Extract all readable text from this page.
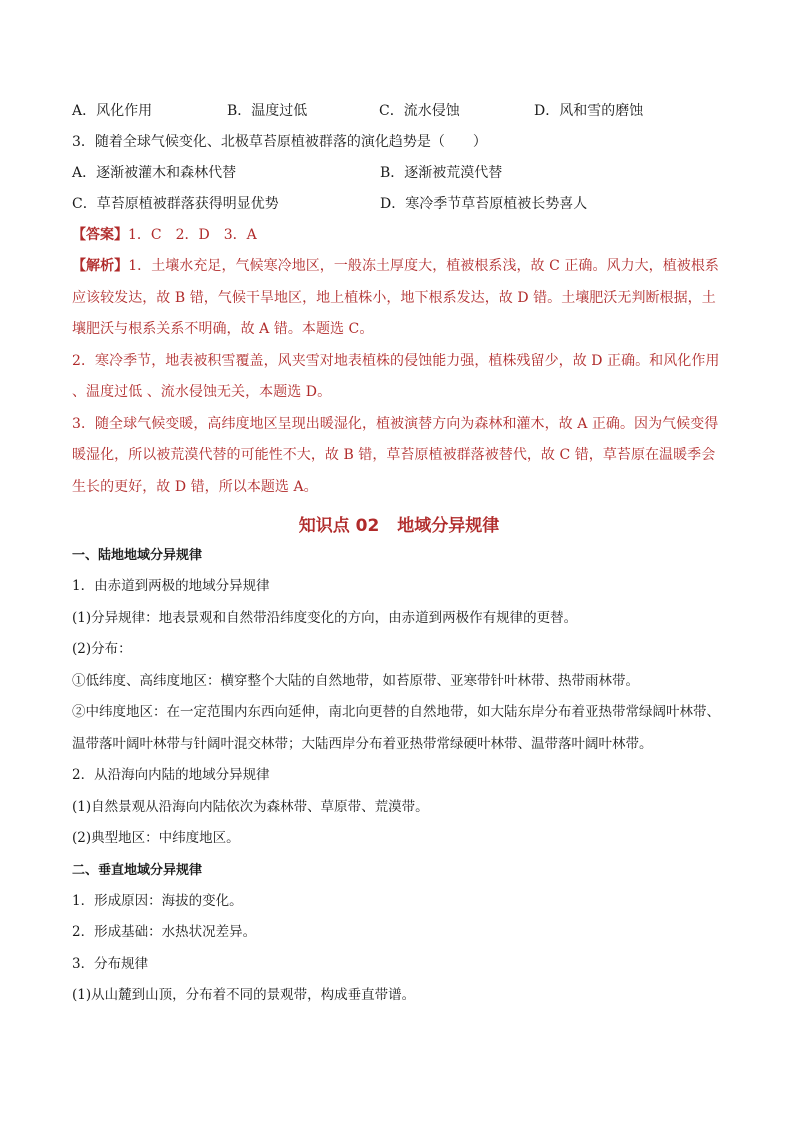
A．风化作用	B．温度过低	C．流水侵蚀	D．风和雪的磨蚀
3．随着全球气候变化、北极草苔原植被群落的演化趋势是（　　）
A．逐渐被灌木和森林代替	B．逐渐被荒漠代替
C．草苔原植被群落获得明显优势	D．寒冷季节草苔原植被长势喜人
【答案】1．C　2．D　3．A
【解析】1．土壤水充足，气候寒冷地区，一般冻土厚度大，植被根系浅，故 C 正确。风力大，植被根系应该较发达，故 B 错，气候干旱地区，地上植株小，地下根系发达，故 D 错。土壤肥沃无判断根据，土壤肥沃与根系关系不明确，故 A 错。本题选 C。
2．寒冷季节，地表被积雪覆盖，风夹雪对地表植株的侵蚀能力强，植株残留少，故 D 正确。和风化作用 、温度过低 、流水侵蚀无关，本题选 D。
3．随全球气候变暖，高纬度地区呈现出暖湿化，植被演替方向为森林和灌木，故 A 正确。因为气候变得暖湿化，所以被荒漠代替的可能性不大，故 B 错，草苔原植被群落被替代，故 C 错，草苔原在温暖季会生长的更好，故 D 错，所以本题选 A。
知识点 02 地域分异规律
一、陆地地域分异规律
1．由赤道到两极的地域分异规律
(1)分异规律：地表景观和自然带沿纬度变化的方向，由赤道到两极作有规律的更替。
(2)分布：
①低纬度、高纬度地区：横穿整个大陆的自然地带，如苔原带、亚寒带针叶林带、热带雨林带。
②中纬度地区：在一定范围内东西向延伸，南北向更替的自然地带，如大陆东岸分布着亚热带常绿阔叶林带、温带落叶阔叶林带与针阔叶混交林带；大陆西岸分布着亚热带常绿硬叶林带、温带落叶阔叶林带。
2．从沿海向内陆的地域分异规律
(1)自然景观从沿海向内陆依次为森林带、草原带、荒漠带。
(2)典型地区：中纬度地区。
二、垂直地域分异规律
1．形成原因：海拔的变化。
2．形成基础：水热状况差异。
3．分布规律
(1)从山麓到山顶，分布着不同的景观带，构成垂直带谱。
